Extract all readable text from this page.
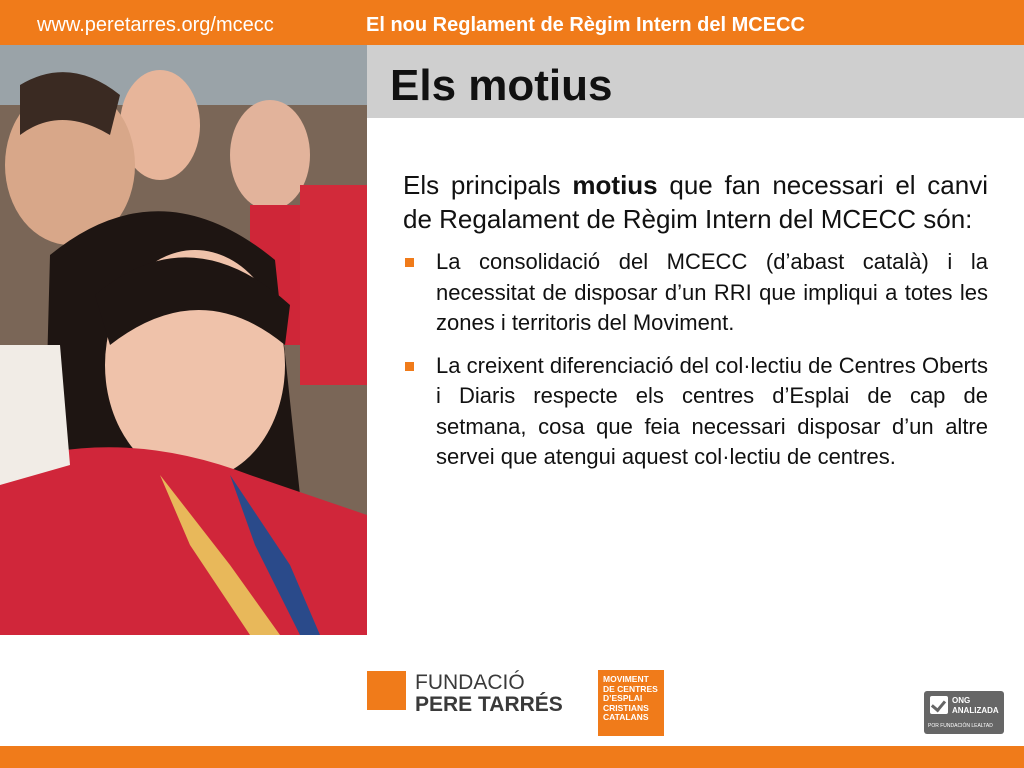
www.peretarres.org/mcecc	El nou Reglament de Règim Intern del MCECC
Els motius

Els principals motius que fan necessari el canvi de Regalament de Règim Intern del MCECC són:

La consolidació del MCECC (d’abast català) i la necessitat de disposar d’un RRI que impliqui a totes les zones i territoris del Moviment.
La creixent diferenciació del col·lectiu de Centres Oberts i Diaris respecte els centres d’Esplai de cap de setmana, cosa que feia necessari disposar d’un altre servei que atengui aquest col·lectiu de centres.
FUNDACIÓ
PERE TARRÉS
MOVIMENT
DE CENTRES
D’ESPLAI
CRISTIANS
CATALANS
ONG
ANALIZADA
POR FUNDACIÓN LEALTAD
